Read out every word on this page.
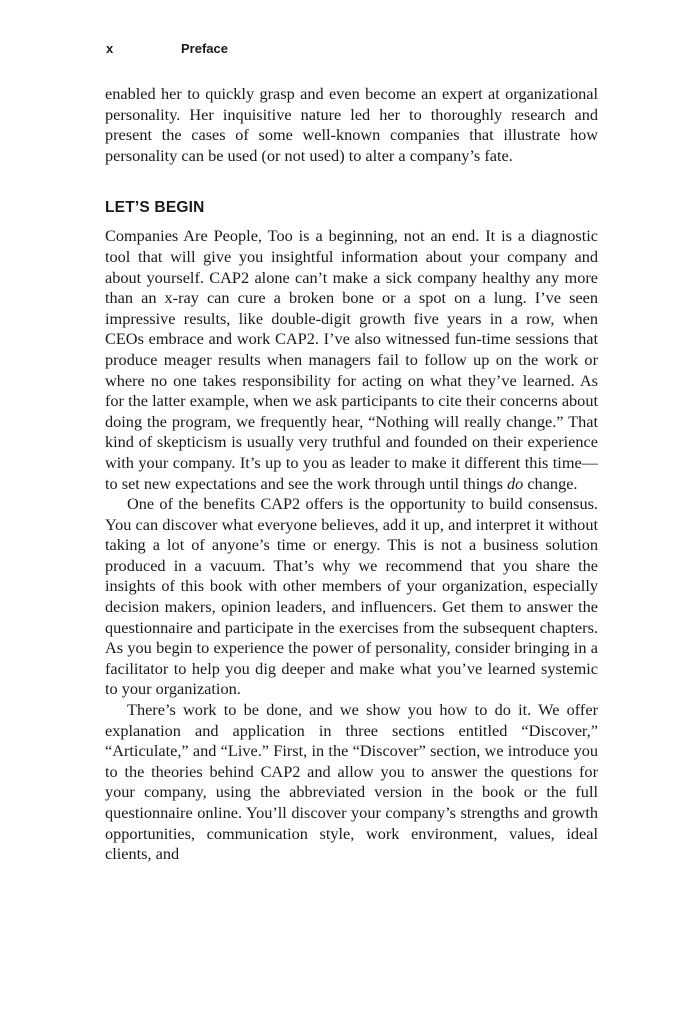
x	Preface

enabled her to quickly grasp and even become an expert at organizational personality. Her inquisitive nature led her to thoroughly research and present the cases of some well-known companies that illustrate how personality can be used (or not used) to alter a company’s fate.

LET’S BEGIN

Companies Are People, Too is a beginning, not an end. It is a diagnostic tool that will give you insightful information about your company and about yourself. CAP2 alone can’t make a sick company healthy any more than an x-ray can cure a broken bone or a spot on a lung. I’ve seen impressive results, like double-digit growth five years in a row, when CEOs embrace and work CAP2. I’ve also witnessed fun-time sessions that produce meager results when managers fail to follow up on the work or where no one takes responsibility for acting on what they’ve learned. As for the latter example, when we ask participants to cite their concerns about doing the program, we frequently hear, “Nothing will really change.” That kind of skepticism is usually very truthful and founded on their experience with your company. It’s up to you as leader to make it different this time—to set new expectations and see the work through until things do change.

One of the benefits CAP2 offers is the opportunity to build consensus. You can discover what everyone believes, add it up, and interpret it without taking a lot of anyone’s time or energy. This is not a business solution produced in a vacuum. That’s why we recommend that you share the insights of this book with other members of your organization, especially decision makers, opinion leaders, and influencers. Get them to answer the questionnaire and participate in the exercises from the subsequent chapters. As you begin to experience the power of personality, consider bringing in a facilitator to help you dig deeper and make what you’ve learned systemic to your organization.

There’s work to be done, and we show you how to do it. We offer explanation and application in three sections entitled “Discover,” “Articulate,” and “Live.” First, in the “Discover” section, we introduce you to the theories behind CAP2 and allow you to answer the questions for your company, using the abbreviated version in the book or the full questionnaire online. You’ll discover your company’s strengths and growth opportunities, communication style, work environment, values, ideal clients, and
